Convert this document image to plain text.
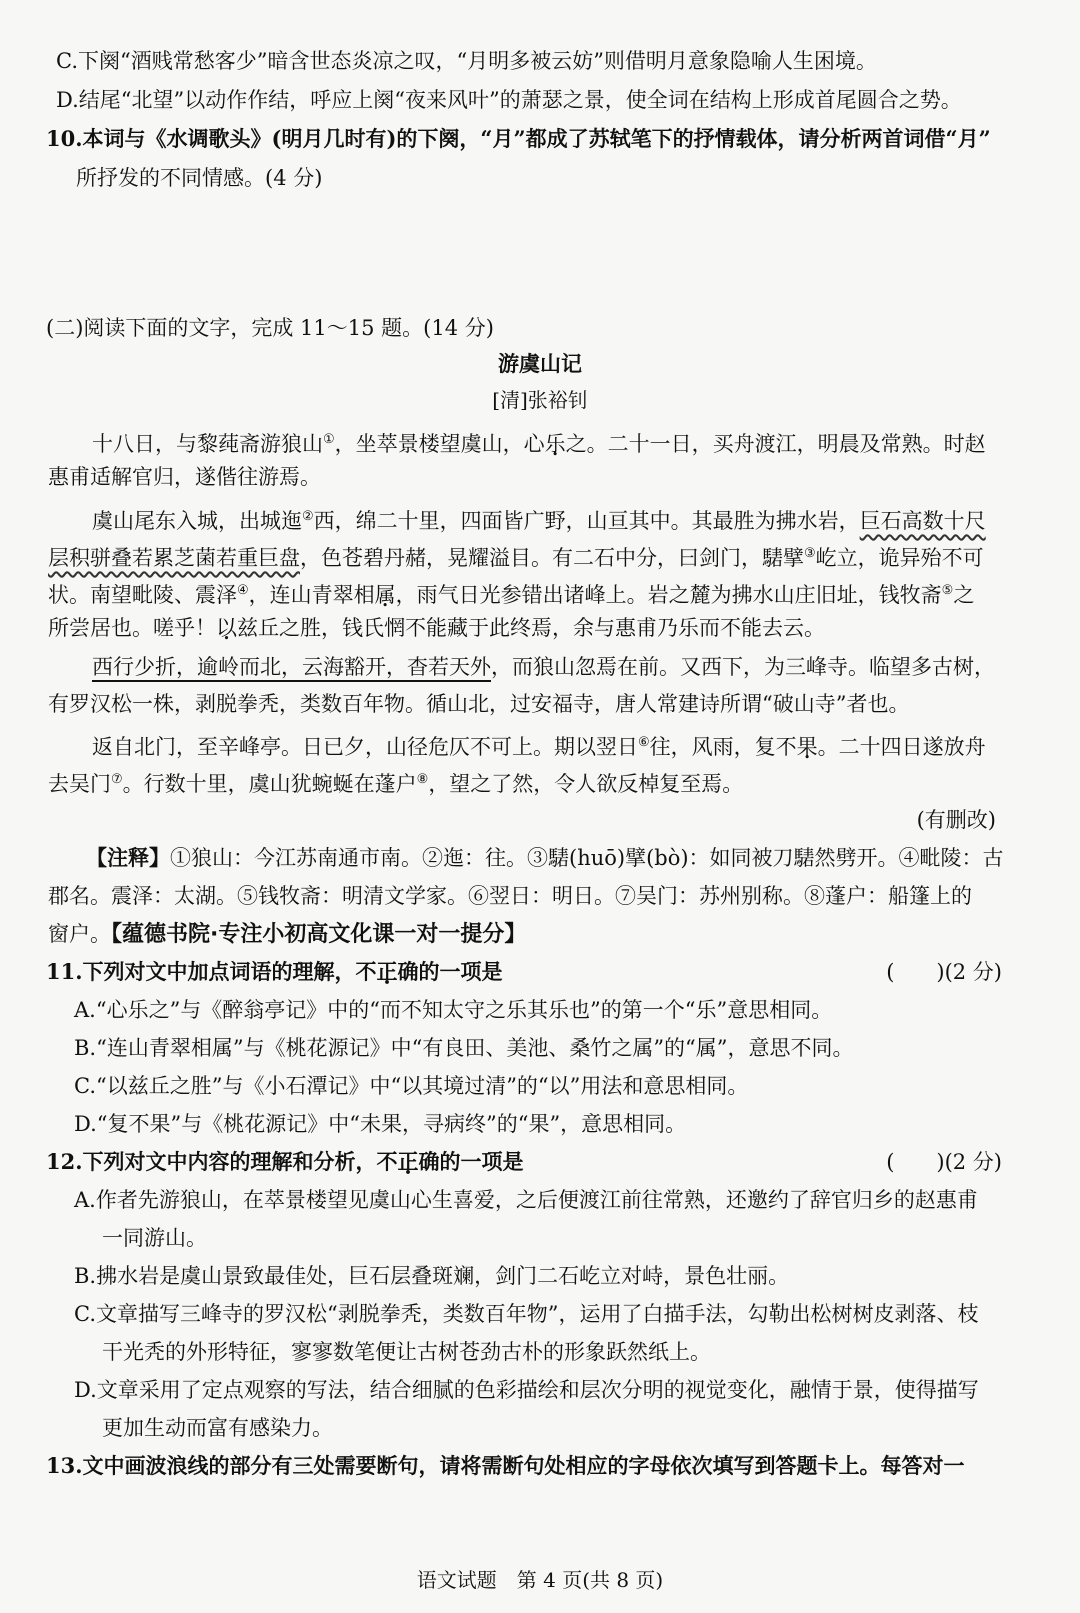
C.下阕“酒贱常愁客少”暗含世态炎凉之叹，“月明多被云妨”则借明月意象隐喻人生困境。
D.结尾“北望”以动作作结，呼应上阕“夜来风叶”的萧瑟之景，使全词在结构上形成首尾圆合之势。
10.本词与《水调歌头》(明月几时有)的下阕，“月”都成了苏轼笔下的抒情载体，请分析两首词借“月”
所抒发的不同情感。(4 分)
(二)阅读下面的文字，完成 11～15 题。(14 分)
游虞山记
[清]张裕钊
十八日，与黎莼斋游狼山①，坐萃景楼望虞山，心乐之。二十一日，买舟渡江，明晨及常熟。时赵
惠甫适解官归，遂偕往游焉。
虞山尾东入城，出城迤②西，绵二十里，四面皆广野，山亘其中。其最胜为拂水岩，巨石高数十尺
层积骈叠若累芝菌若重巨盘，色苍碧丹赭，晃耀溢目。有二石中分，曰剑门，騞擘③屹立，诡异殆不可
状。南望毗陵、震泽④，连山青翠相属，雨气日光参错出诸峰上。岩之麓为拂水山庄旧址，钱牧斋⑤之
所尝居也。嗟乎！以兹丘之胜，钱氏惘不能藏于此终焉，余与惠甫乃乐而不能去云。
西行少折，逾岭而北，云海豁开，杳若天外，而狼山忽焉在前。又西下，为三峰寺。临望多古树，
有罗汉松一株，剥脱拳秃，类数百年物。循山北，过安福寺，唐人常建诗所谓“破山寺”者也。
返自北门，至辛峰亭。日已夕，山径危仄不可上。期以翌日⑥往，风雨，复不果。二十四日遂放舟
去吴门⑦。行数十里，虞山犹蜿蜒在蓬户⑧，望之了然，令人欲反棹复至焉。
(有删改)
【注释】①狼山：今江苏南通市南。②迤：往。③騞(huō)擘(bò)：如同被刀騞然劈开。④毗陵：古
郡名。震泽：太湖。⑤钱牧斋：明清文学家。⑥翌日：明日。⑦吴门：苏州别称。⑧蓬户：船篷上的
窗户。【蕴德书院·专注小初高文化课一对一提分】
11.下列对文中加点词语的理解，不正确的一项是	(　　)(2 分)
A.“心乐之”与《醉翁亭记》中的“而不知太守之乐其乐也”的第一个“乐”意思相同。
B.“连山青翠相属”与《桃花源记》中“有良田、美池、桑竹之属”的“属”，意思不同。
C.“以兹丘之胜”与《小石潭记》中“以其境过清”的“以”用法和意思相同。
D.“复不果”与《桃花源记》中“未果，寻病终”的“果”，意思相同。
12.下列对文中内容的理解和分析，不正确的一项是	(　　)(2 分)
A.作者先游狼山，在萃景楼望见虞山心生喜爱，之后便渡江前往常熟，还邀约了辞官归乡的赵惠甫
一同游山。
B.拂水岩是虞山景致最佳处，巨石层叠斑斓，剑门二石屹立对峙，景色壮丽。
C.文章描写三峰寺的罗汉松“剥脱拳秃，类数百年物”，运用了白描手法，勾勒出松树树皮剥落、枝
干光秃的外形特征，寥寥数笔便让古树苍劲古朴的形象跃然纸上。
D.文章采用了定点观察的写法，结合细腻的色彩描绘和层次分明的视觉变化，融情于景，使得描写
更加生动而富有感染力。
13.文中画波浪线的部分有三处需要断句，请将需断句处相应的字母依次填写到答题卡上。每答对一
语文试题　第 4 页(共 8 页)
